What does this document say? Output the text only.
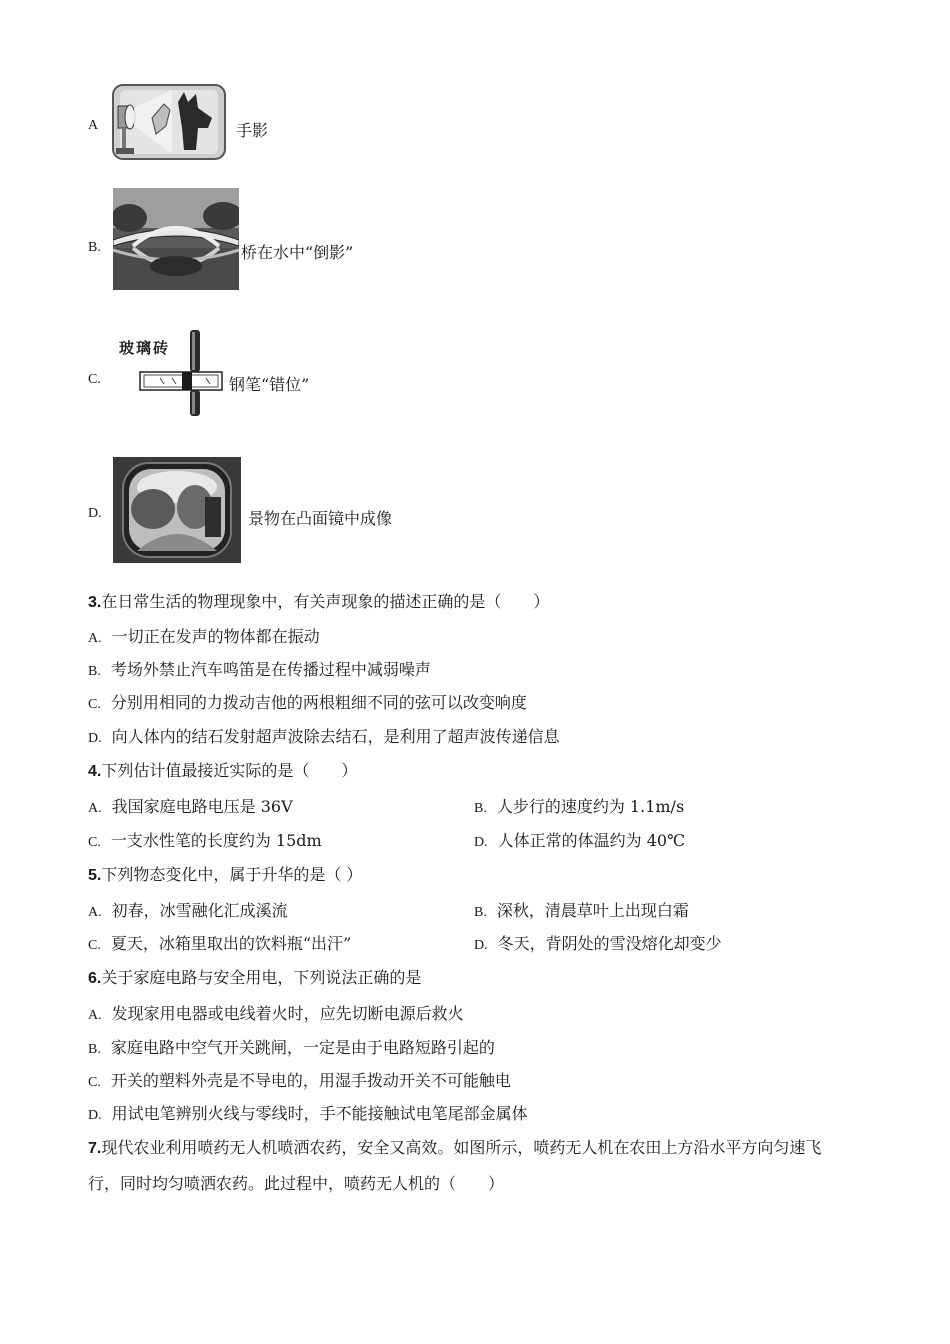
A	手影
B.	桥在水中“倒影”
C.
玻璃砖
钢笔“错位”
D.	景物在凸面镜中成像
3.在日常生活的物理现象中，有关声现象的描述正确的是（　　）
A. 一切正在发声的物体都在振动
B. 考场外禁止汽车鸣笛是在传播过程中减弱噪声
C. 分别用相同的力拨动吉他的两根粗细不同的弦可以改变响度
D. 向人体内的结石发射超声波除去结石，是利用了超声波传递信息
4.下列估计值最接近实际的是（　　）
A. 我国家庭电路电压是 36V	B. 人步行的速度约为 1.1m/s
C. 一支水性笔的长度约为 15dm	D. 人体正常的体温约为 40℃
5.下列物态变化中，属于升华的是（ ）
A. 初春，冰雪融化汇成溪流	B. 深秋，清晨草叶上出现白霜
C. 夏天，冰箱里取出的饮料瓶“出汗”	D. 冬天，背阴处的雪没熔化却变少
6.关于家庭电路与安全用电，下列说法正确的是
A. 发现家用电器或电线着火时，应先切断电源后救火
B. 家庭电路中空气开关跳闸，一定是由于电路短路引起的
C. 开关的塑料外壳是不导电的，用湿手拨动开关不可能触电
D. 用试电笔辨别火线与零线时，手不能接触试电笔尾部金属体
7.现代农业利用喷药无人机喷洒农药，安全又高效。如图所示，喷药无人机在农田上方沿水平方向匀速飞
行，同时均匀喷洒农药。此过程中，喷药无人机的（　　）
